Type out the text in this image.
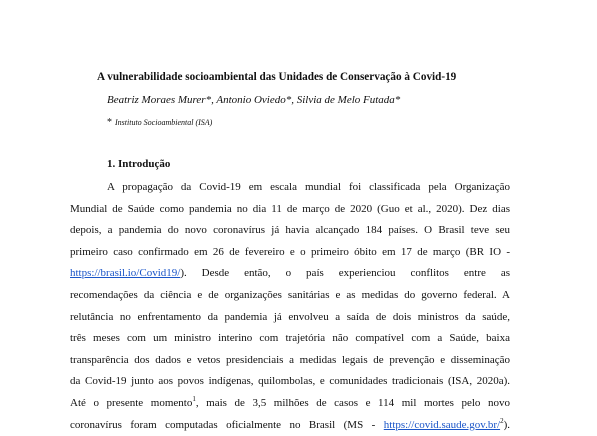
A vulnerabilidade socioambiental das Unidades de Conservação à Covid-19
Beatriz Moraes Murer*, Antonio Oviedo*, Silvia de Melo Futada*
* Instituto Socioambiental (ISA)
1. Introdução
A propagação da Covid-19 em escala mundial foi classificada pela Organização
Mundial de Saúde como pandemia no dia 11 de março de 2020 (Guo et al., 2020). Dez dias
depois, a pandemia do novo coronavírus já havia alcançado 184 países. O Brasil teve seu
primeiro caso confirmado em 26 de fevereiro e o primeiro óbito em 17 de março (BR IO -
https://brasil.io/Covid19/). Desde então, o país experienciou conflitos entre as
recomendações da ciência e de organizações sanitárias e as medidas do governo federal. A
relutância no enfrentamento da pandemia já envolveu a saída de dois ministros da saúde,
três meses com um ministro interino com trajetória não compatível com a Saúde, baixa
transparência dos dados e vetos presidenciais a medidas legais de prevenção e disseminação
da Covid-19 junto aos povos indígenas, quilombolas, e comunidades tradicionais (ISA, 2020a).
Até o presente momento$^1$, mais de 3,5 milhões de casos e 114 mil mortes pelo novo
coronavírus foram computadas oficialmente no Brasil (MS - https://covid.saude.gov.br/$^2$).
